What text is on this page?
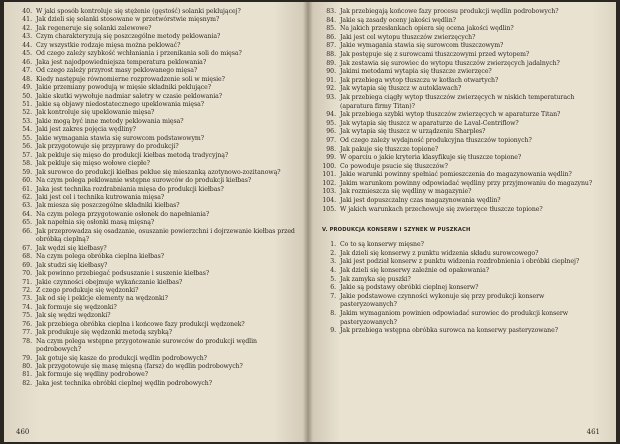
40. W jaki sposób kontroluje się stężenie (gęstość) solanki peklującej?
41. Jak dzieli się solanki stosowane w przetwórstwie mięsnym?
42. Jak regeneruje się solanki zalewowe?
43. Czym charakteryzują się poszczególne metody peklowania?
44. Czy wszystkie rodzaje mięsa można peklować?
45. Od czego zależy szybkość wchłaniania i przenikania soli do mięsa?
46. Jaka jest najodpowiedniejsza temperatura peklowania?
47. Od czego zależy przyrost masy peklowanego mięsa?
48. Kiedy następuje równomierne rozprowadzenie soli w mięsie?
49. Jakie przemiany powodują w mięsie składniki peklujące?
50. Jakie skutki wywołuje nadmiar saletry w czasie peklowania?
51. Jakie są objawy niedostatecznego upeklowania mięsa?
52. Jak kontroluje się upeklowanie mięsa?
53. Jakie mogą być inne metody peklowania mięsa?
54. Jaki jest zakres pojęcia wędliny?
55. Jakie wymagania stawia się surowcom podstawowym?
56. Jak przygotowuje się przyprawy do produkcji?
57. Jak pekluje się mięso do produkcji kiełbas metodą tradycyjną?
58. Jak pekluje się mięso wołowe ciepłe?
59. Jak surowce do produkcji kiełbas peklue się mieszanką azotynowo-zozitanową?
60. Na czym polega peklowanie wstępne surowców do produkcji kiełbas?
61. Jaka jest technika rozdrabniania mięsa do produkcji kiełbas?
62. Jaki jest cel i technika kutrowania mięsa?
63. Jak miesza się poszczególne składniki kiełbas?
64. Na czym polega przygotowanie osłonek do napełniania?
65. Jak napełnia się osłonki masą mięsną?
66. Jak przeprowadza się osadzanie, osuszanie powierzchni i dojrzewanie kiełbas przed obróbką cieplną?
67. Jak wędzi się kiełbasy?
68. Na czym polega obróbka cieplna kiełbas?
69. Jak studzi się kiełbasy?
70. Jak powinno przebiegać podsuszanie i suszenie kiełbas?
71. Jakie czynności obejmuje wykańczanie kiełbas?
72. Z czego produkuje się wędzonki?
73. Jak od się i peklcje elementy na wędzonki?
74. Jak formuje się wędzonki?
75. Jak się wędzi wędzonki?
76. Jak przebiega obróbka cieplna i końcowe fazy produkcji wędzonek?
77. Jak produkuje się wędzonki metodą szybką?
78. Na czym polega wstępne przygotowanie surowców do produkcji wędlin podrobowych?
79. Jak gotuje się kasze do produkcji wędlin podrobowych?
80. Jak przygotowuje się masę mięsną (farsz) do wędlin podrobowych?
81. Jak formuje się wędliny podrobowe?
82. Jaka jest technika obróbki cieplnej wędlin podrobowych?
460
83. Jak przebiegają końcowe fazy procesu produkcji wędlin podrobowych?
84. Jakie są zasady oceny jakości wędlin?
85. Na jakich przesłankach opiera się ocena jakości wędlin?
86. Jaki jest cel wytopu tłuszczów zwierzęcych?
87. Jakie wymagania stawia się surowcom tłuszczowym?
88. Jak postępuje się z surowcami tłuszczowymi przed wytopem?
89. Jak zestawia się surowiec do wytopu tłuszczów zwierzęcych jadalnych?
90. Jakimi metodami wytapia się tłuszcze zwierzęce?
91. Jak przebiega wytop tłuszczu w kotłach otwartych?
92. Jak wytapia się tłuszcz w autoklawach?
93. Jak przebiega ciągły wytop tłuszczów zwierzęcych w niskich temperaturach (aparatura firmy Titan)?
94. Jak przebiega szybki wytop tłuszczów zwierzęcych w aparaturze Titan?
95. Jak wytapia się tłuszcz w aparaturze de Laval-Centriflow?
96. Jak wytapia się tłuszcz w urządzeniu Sharples?
97. Od czego zależy wydajność produkcyjna tłuszczów topionych?
98. Jak pakuje się tłuszcze topione?
99. W oparciu o jakie kryteria klasyfikuje się tłuszcze topione?
100. Co powoduje psucie się tłuszczów?
101. Jakie warunki powinny spełniać pomieszczenia do magazynowania wędlin?
102. Jakim warunkom powinny odpowiadać wędliny przy przyjmowaniu do magazynu?
103. Jak rozmieszcza się wędliny w magazynie?
104. Jaki jest dopuszczalny czas magazynowania wędlin?
105. W jakich warunkach przechowuje się zwierzęce tłuszcze topione?
V. PRODUKCJA KONSERW I SZYNEK W PUSZKACH
1. Co to są konserwy mięsne?
2. Jak dzieli się konserwy z punktu widzenia składu surowcowego?
3. Jaki jest podział konserw z punktu widzenia rozdrobnienia i obróbki cieplnej?
4. Jak dzieli się konserwy zależnie od opakowania?
5. Jak zamyka się puszki?
6. Jakie są podstawy obróbki cieplnej konserw?
7. Jakie podstawowe czynności wykonuje się przy produkcji konserw pasteryzowanych?
8. Jakim wymaganiom powinien odpowiadać surowiec do produkcji konserw pasteryzowanych?
9. Jak przebiega wstępna obróbka surowca na konserwy pasteryzowane?
461
